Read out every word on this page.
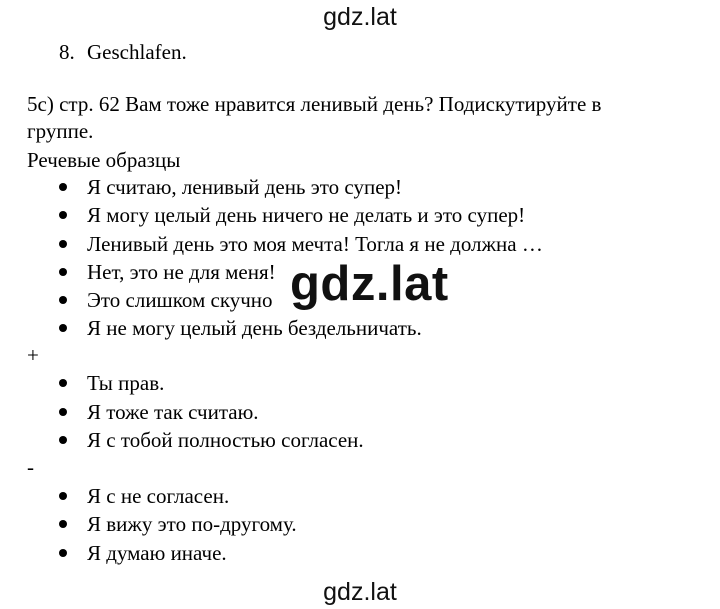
gdz.lat
8. Geschlafen.
5c) стр. 62 Вам тоже нравится ленивый день? Подискутируйте в
группе.
Речевые образцы
Я считаю, ленивый день это супер!
Я могу целый день ничего не делать и это супер!
Ленивый день это моя мечта! Тогла я не должна …
Нет, это не для меня!
Это слишком скучно
Я не могу целый день бездельничать.
+
Ты прав.
Я тоже так считаю.
Я с тобой полностью согласен.
-
Я с не согласен.
Я вижу это по-другому.
Я думаю иначе.
gdz.lat
gdz.lat
